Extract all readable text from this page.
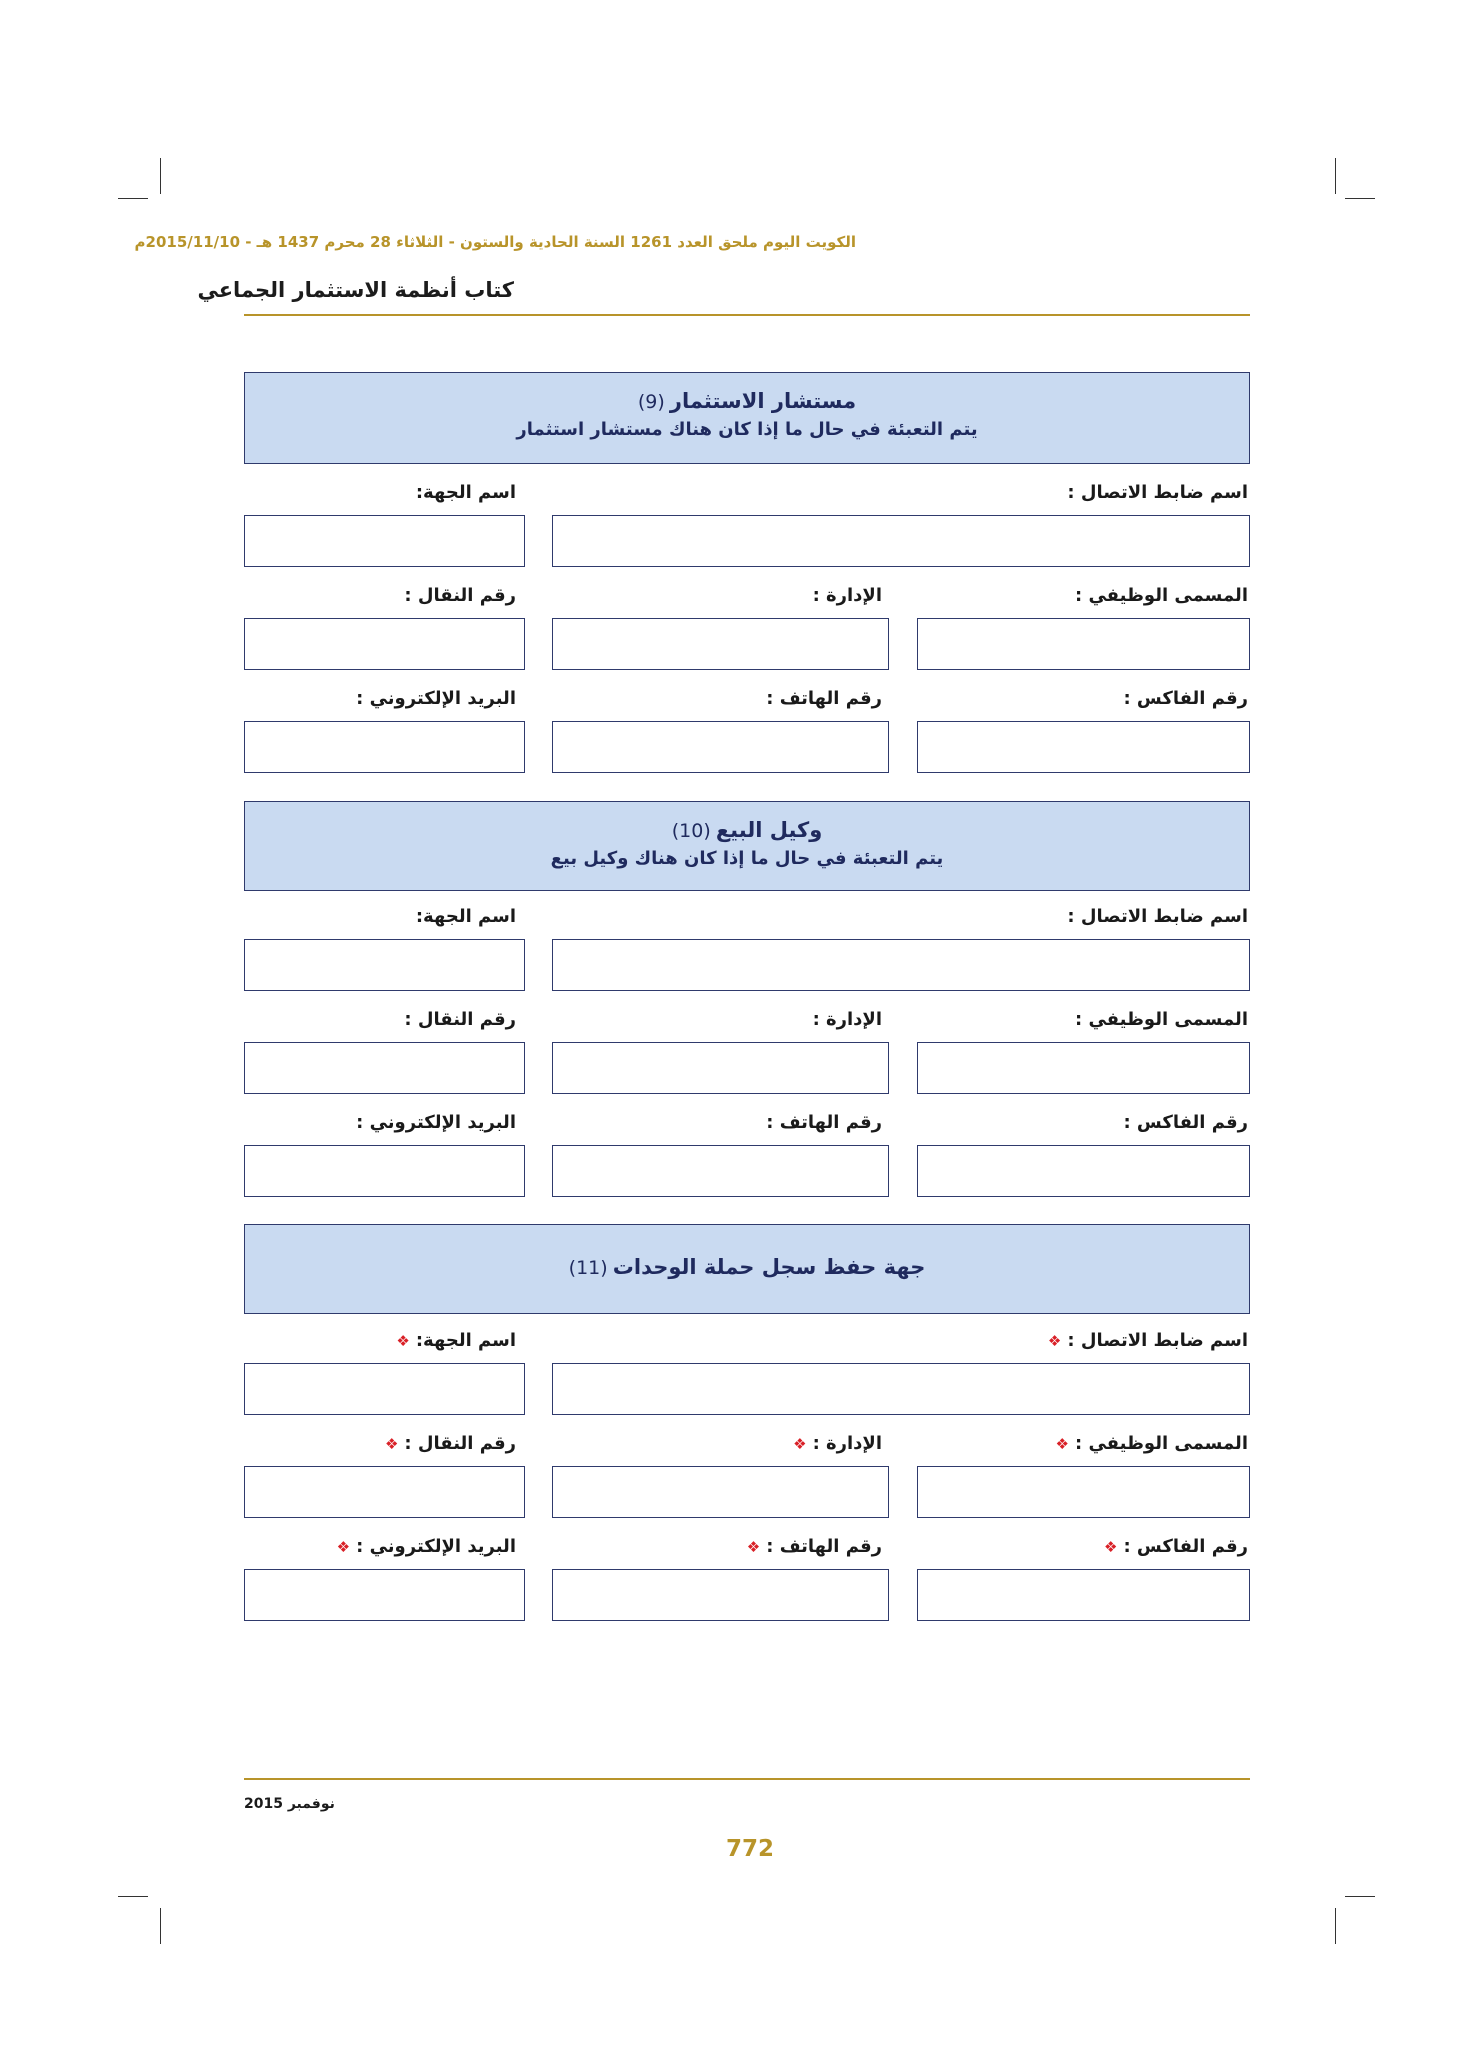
الكويت اليوم ملحق العدد 1261 السنة الحادية والستون - الثلاثاء 28 محرم 1437 هـ - 2015/11/10م
كتاب أنظمة الاستثمار الجماعي
مستشار الاستثمار (9)
يتم التعبئة في حال ما إذا كان هناك مستشار استثمار
اسم ضابط الاتصال :
اسم الجهة:
المسمى الوظيفي :
الإدارة :
رقم النقال :
رقم الفاكس :
رقم الهاتف :
البريد الإلكتروني :
وكيل البيع (10)
يتم التعبئة في حال ما إذا كان هناك وكيل بيع
اسم ضابط الاتصال :
اسم الجهة:
المسمى الوظيفي :
الإدارة :
رقم النقال :
رقم الفاكس :
رقم الهاتف :
البريد الإلكتروني :
جهة حفظ سجل حملة الوحدات (11)
اسم ضابط الاتصال :❖
اسم الجهة:❖
المسمى الوظيفي :❖
الإدارة :❖
رقم النقال :❖
رقم الفاكس :❖
رقم الهاتف :❖
البريد الإلكتروني :❖
نوفمبر 2015
772
